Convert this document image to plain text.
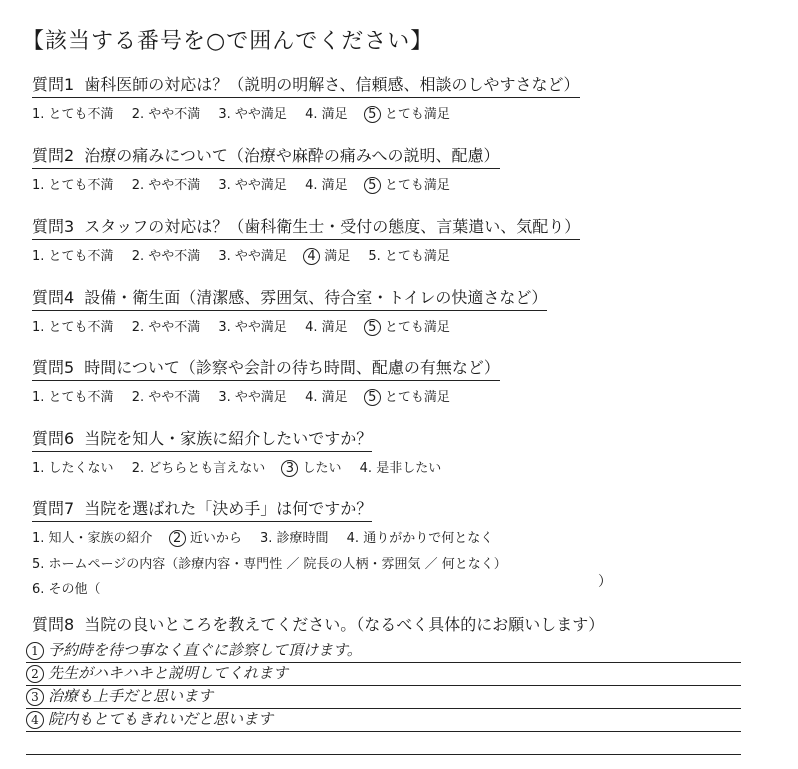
【該当する番号を○で囲んでください】
質問1 歯科医師の対応は？（説明の明解さ、信頼感、相談のしやすさなど）
1. とても不満 2. やや不満 3. やや満足 4. 満足 5 とても満足
質問2 治療の痛みについて（治療や麻酔の痛みへの説明、配慮）
1. とても不満 2. やや不満 3. やや満足 4. 満足 5 とても満足
質問3 スタッフの対応は？（歯科衛生士・受付の態度、言葉遣い、気配り）
1. とても不満 2. やや不満 3. やや満足 4 満足 5. とても満足
質問4 設備・衛生面（清潔感、雰囲気、待合室・トイレの快適さなど）
1. とても不満 2. やや不満 3. やや満足 4. 満足 5 とても満足
質問5 時間について（診察や会計の待ち時間、配慮の有無など）
1. とても不満 2. やや不満 3. やや満足 4. 満足 5 とても満足
質問6 当院を知人・家族に紹介したいですか？
1. したくない 2. どちらとも言えない 3 したい 4. 是非したい
質問7 当院を選ばれた「決め手」は何ですか？
1. 知人・家族の紹介 2 近いから 3. 診療時間 4. 通りがかりで何となく
5. ホームページの内容（診療内容・専門性 ／ 院長の人柄・雰囲気 ／ 何となく）
6. その他（	）
質問8 当院の良いところを教えてください。（なるべく具体的にお願いします）
1 予約時を待つ事なく直ぐに診察して頂けます。
2 先生がハキハキと説明してくれます
3 治療も上手だと思います
4 院内もとてもきれいだと思います
